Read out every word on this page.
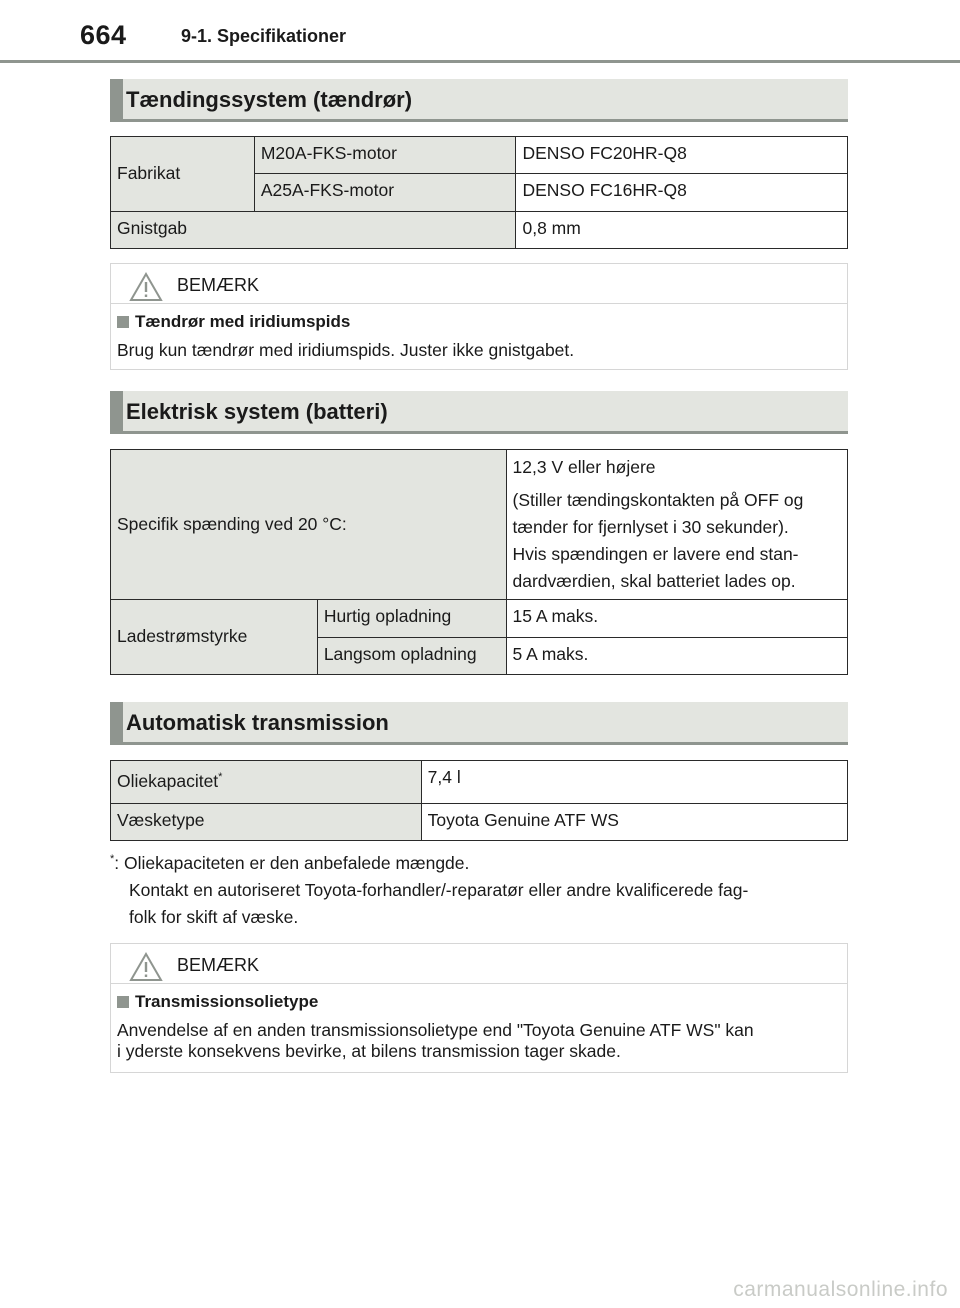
664	9-1. Specifikationer
Tændingssystem (tændrør)
Fabrikat	M20A-FKS-motor	DENSO FC20HR-Q8
	A25A-FKS-motor	DENSO FC16HR-Q8
Gnistgab		0,8 mm
BEMÆRK
Tændrør med iridiumspids
Brug kun tændrør med iridiumspids. Juster ikke gnistgabet.
Elektrisk system (batteri)
Specifik spænding ved 20 °C:		12,3 V eller højere
(Stiller tændingskontakten på OFF og
tænder for fjernlyset i 30 sekunder).
Hvis spændingen er lavere end stan-
dardværdien, skal batteriet lades op.

Ladestrømstyrke	Hurtig opladning	15 A maks.
	Langsom opladning	5 A maks.
Automatisk transmission
Oliekapacitet*	7,4 l
Væsketype	Toyota Genuine ATF WS
*: Oliekapaciteten er den anbefalede mængde.
Kontakt en autoriseret Toyota-forhandler/-reparatør eller andre kvalificerede fag-
folk for skift af væske.
BEMÆRK
Transmissionsolietype
Anvendelse af en anden transmissionsolietype end "Toyota Genuine ATF WS" kan
i yderste konsekvens bevirke, at bilens transmission tager skade.
carmanualsonline.info
